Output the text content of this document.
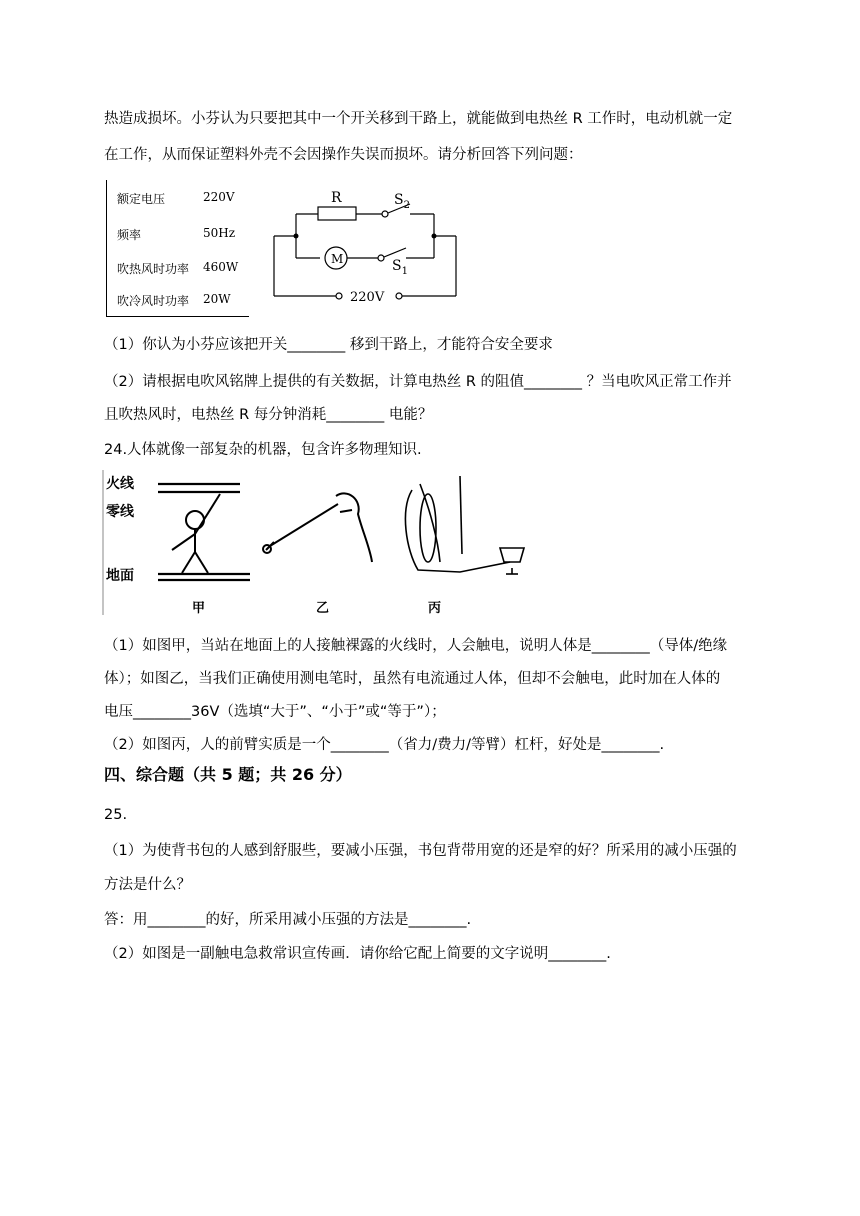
热造成损坏。小芬认为只要把其中一个开关移到干路上，就能做到电热丝 R 工作时，电动机就一定
在工作，从而保证塑料外壳不会因操作失误而损坏。请分析回答下列问题：
额定电压	220V
频率	50Hz
吹热风时功率 460W
吹冷风时功率 20W
R	$S_2$
M	$S_1$
220V
（1）你认为小芬应该把开关________ 移到干路上，才能符合安全要求
（2）请根据电吹风铭牌上提供的有关数据，计算电热丝 R 的阻值________ ？当电吹风正常工作并
且吹热风时，电热丝 R 每分钟消耗________ 电能？
24.人体就像一部复杂的机器，包含许多物理知识.
火线
零线
地面
甲	乙	丙
（1）如图甲，当站在地面上的人接触裸露的火线时，人会触电，说明人体是________（导体/绝缘
体）；如图乙，当我们正确使用测电笔时，虽然有电流通过人体，但却不会触电，此时加在人体的
电压________36V（选填“大于”、“小于”或“等于”）；
（2）如图丙，人的前臂实质是一个________（省力/费力/等臂）杠杆，好处是________.
四、综合题（共 5 题；共 26 分）
25.
（1）为使背书包的人感到舒服些，要减小压强，书包背带用宽的还是窄的好？所采用的减小压强的
方法是什么？
答：用________的好，所采用减小压强的方法是________.
（2）如图是一副触电急救常识宣传画．请你给它配上简要的文字说明________.
